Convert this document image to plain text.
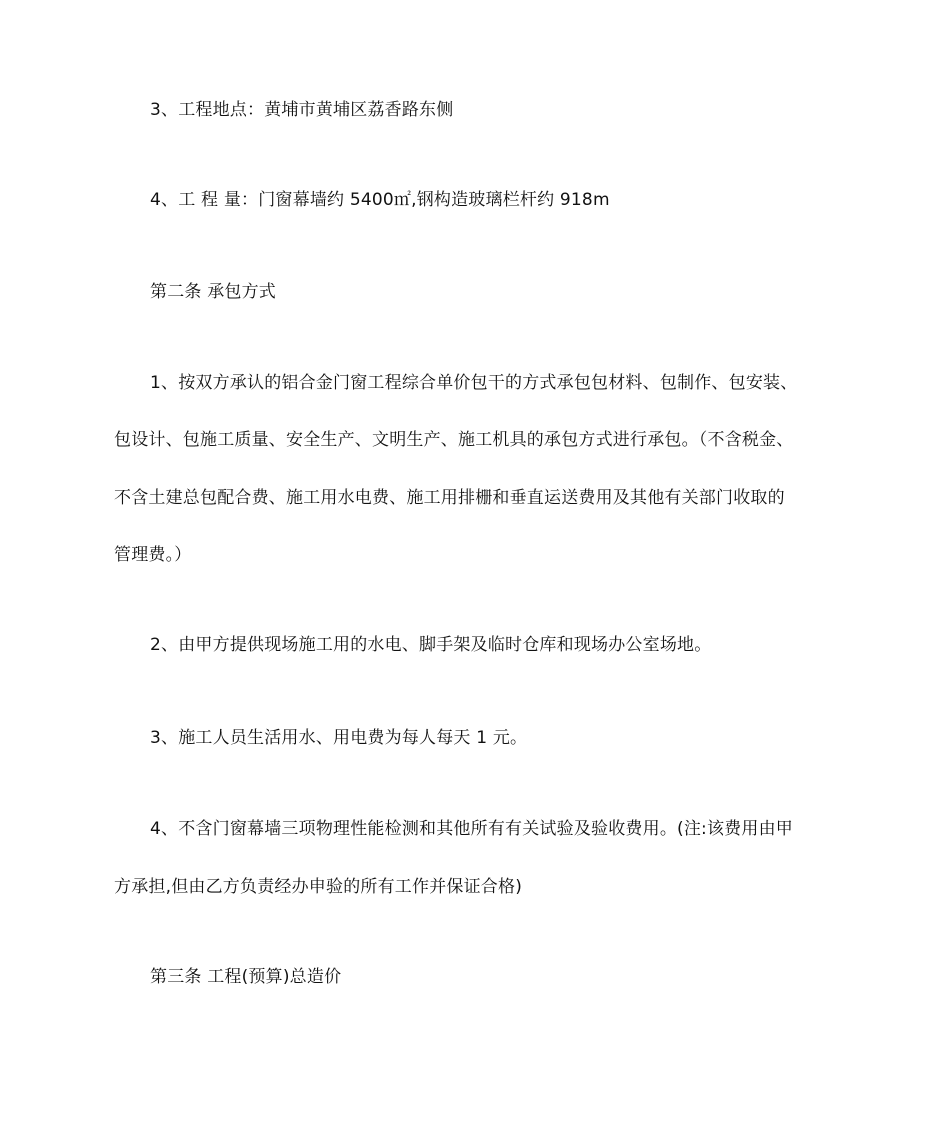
3、工程地点：黄埔市黄埔区荔香路东侧
4、工 程 量：门窗幕墙约 5400㎡,钢构造玻璃栏杆约 918m
第二条 承包方式
1、按双方承认的铝合金门窗工程综合单价包干的方式承包包材料、包制作、包安装、
包设计、包施工质量、安全生产、文明生产、施工机具的承包方式进行承包。（不含税金、
不含土建总包配合费、施工用水电费、施工用排栅和垂直运送费用及其他有关部门收取的
管理费。）
2、由甲方提供现场施工用的水电、脚手架及临时仓库和现场办公室场地。
3、施工人员生活用水、用电费为每人每天 1 元。
4、不含门窗幕墙三项物理性能检测和其他所有有关试验及验收费用。(注:该费用由甲
方承担,但由乙方负责经办申验的所有工作并保证合格)
第三条 工程(预算)总造价
